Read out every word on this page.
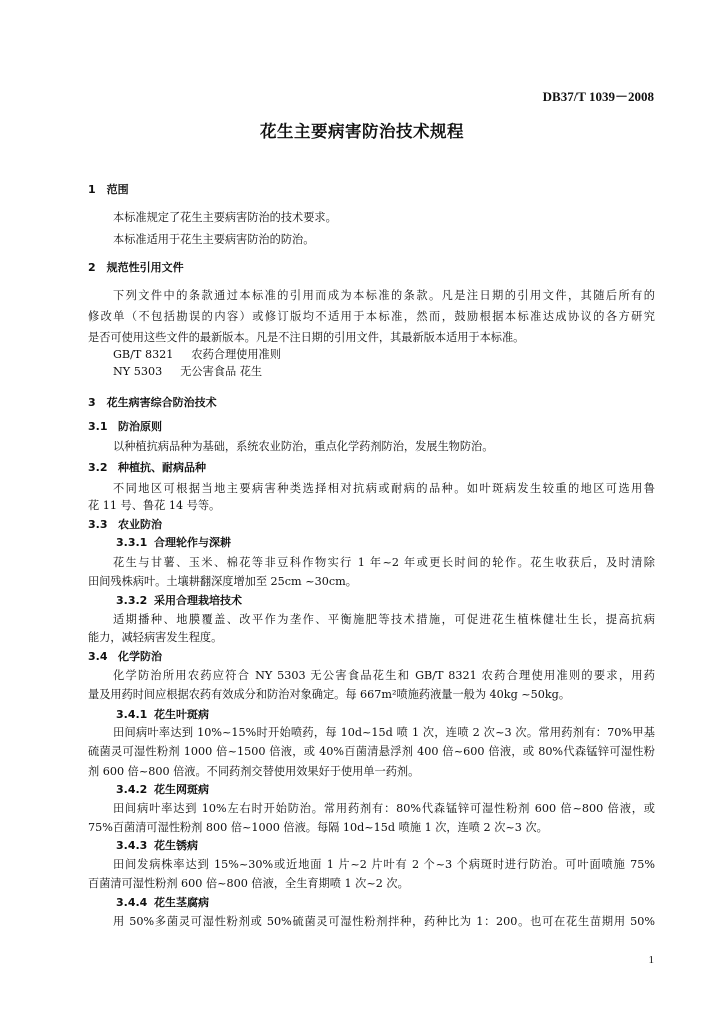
DB37/T 1039－2008
花生主要病害防治技术规程
1　范围
本标准规定了花生主要病害防治的技术要求。
本标准适用于花生主要病害防治的防治。
2　规范性引用文件
下列文件中的条款通过本标准的引用而成为本标准的条款。凡是注日期的引用文件，其随后所有的
修改单（不包括勘误的内容）或修订版均不适用于本标准，然而，鼓励根据本标准达成协议的各方研究
是否可使用这些文件的最新版本。凡是不注日期的引用文件，其最新版本适用于本标准。
GB/T 8321 农药合理使用准则
NY 5303 无公害食品 花生
3　花生病害综合防治技术
3.1 防治原则
以种植抗病品种为基础，系统农业防治，重点化学药剂防治，发展生物防治。
3.2 种植抗、耐病品种
不同地区可根据当地主要病害种类选择相对抗病或耐病的品种。如叶斑病发生较重的地区可选用鲁
花 11 号、鲁花 14 号等。
3.3 农业防治
3.3.1 合理轮作与深耕
花生与甘薯、玉米、棉花等非豆科作物实行 1 年~2 年或更长时间的轮作。花生收获后，及时清除
田间残株病叶。土壤耕翻深度增加至 25cm ~30cm。
3.3.2 采用合理栽培技术
适期播种、地膜覆盖、改平作为垄作、平衡施肥等技术措施，可促进花生植株健壮生长，提高抗病
能力，减轻病害发生程度。
3.4 化学防治
化学防治所用农药应符合 NY 5303 无公害食品花生和 GB/T 8321 农药合理使用准则的要求，用药
量及用药时间应根据农药有效成分和防治对象确定。每 667m²喷施药液量一般为 40kg ~50kg。
3.4.1 花生叶斑病
田间病叶率达到 10%~15%时开始喷药，每 10d~15d 喷 1 次，连喷 2 次~3 次。常用药剂有：70%甲基
硫菌灵可湿性粉剂 1000 倍~1500 倍液，或 40%百菌清悬浮剂 400 倍~600 倍液，或 80%代森锰锌可湿性粉
剂 600 倍~800 倍液。不同药剂交替使用效果好于使用单一药剂。
3.4.2 花生网斑病
田间病叶率达到 10%左右时开始防治。常用药剂有：80%代森锰锌可湿性粉剂 600 倍~800 倍液，或
75%百菌清可湿性粉剂 800 倍~1000 倍液。每隔 10d~15d 喷施 1 次，连喷 2 次~3 次。
3.4.3 花生锈病
田间发病株率达到 15%~30%或近地面 1 片~2 片叶有 2 个~3 个病斑时进行防治。可叶面喷施 75%
百菌清可湿性粉剂 600 倍~800 倍液，全生育期喷 1 次~2 次。
3.4.4 花生茎腐病
用 50%多菌灵可湿性粉剂或 50%硫菌灵可湿性粉剂拌种，药种比为 1：200。也可在花生苗期用 50%
1
